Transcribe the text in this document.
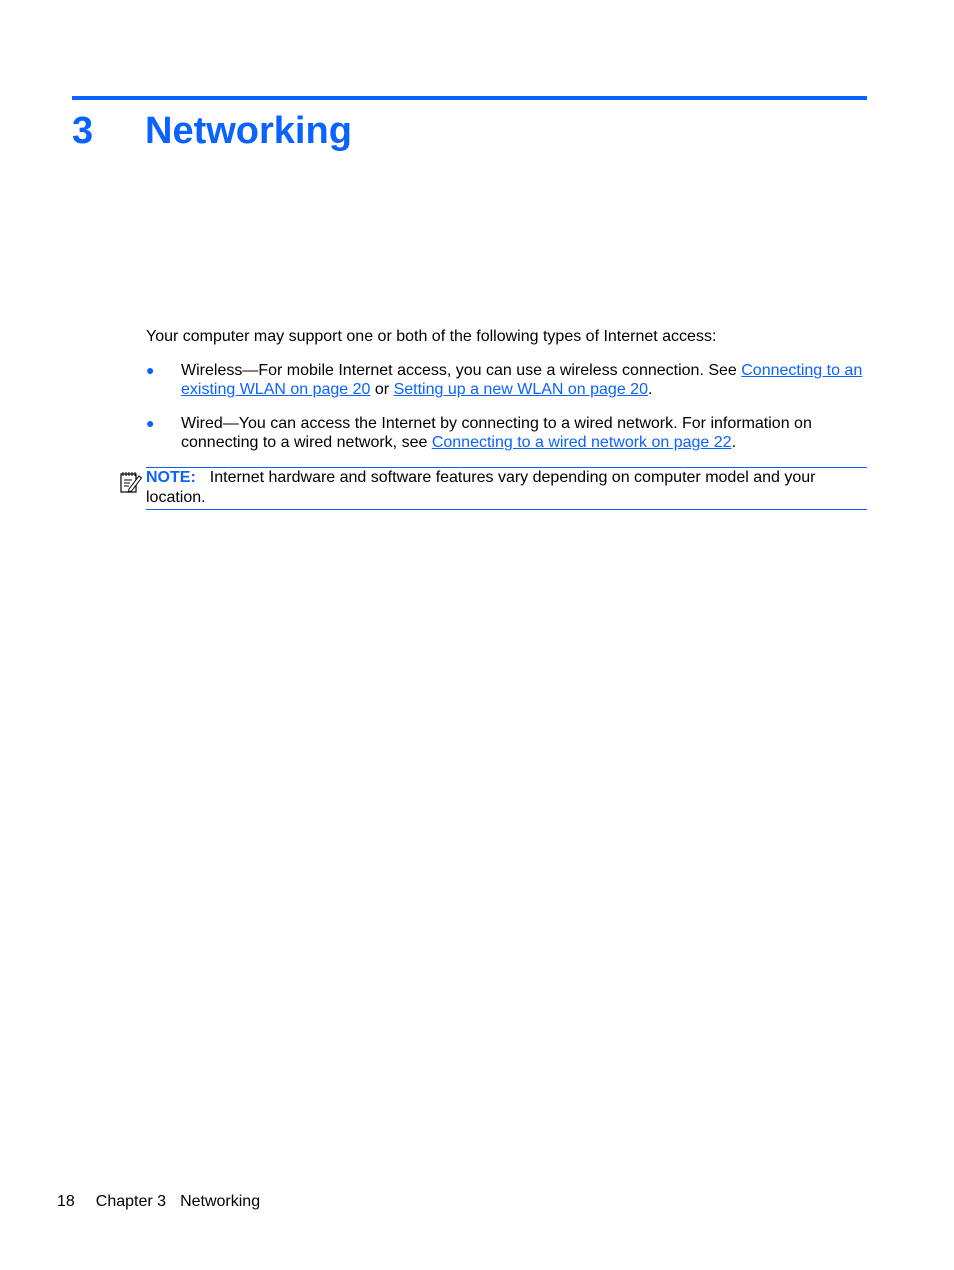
3 Networking

Your computer may support one or both of the following types of Internet access:

● Wireless—For mobile Internet access, you can use a wireless connection. See Connecting to an existing WLAN on page 20 or Setting up a new WLAN on page 20.
● Wired—You can access the Internet by connecting to a wired network. For information on connecting to a wired network, see Connecting to a wired network on page 22.
NOTE: Internet hardware and software features vary depending on computer model and your location.
18 Chapter 3 Networking
